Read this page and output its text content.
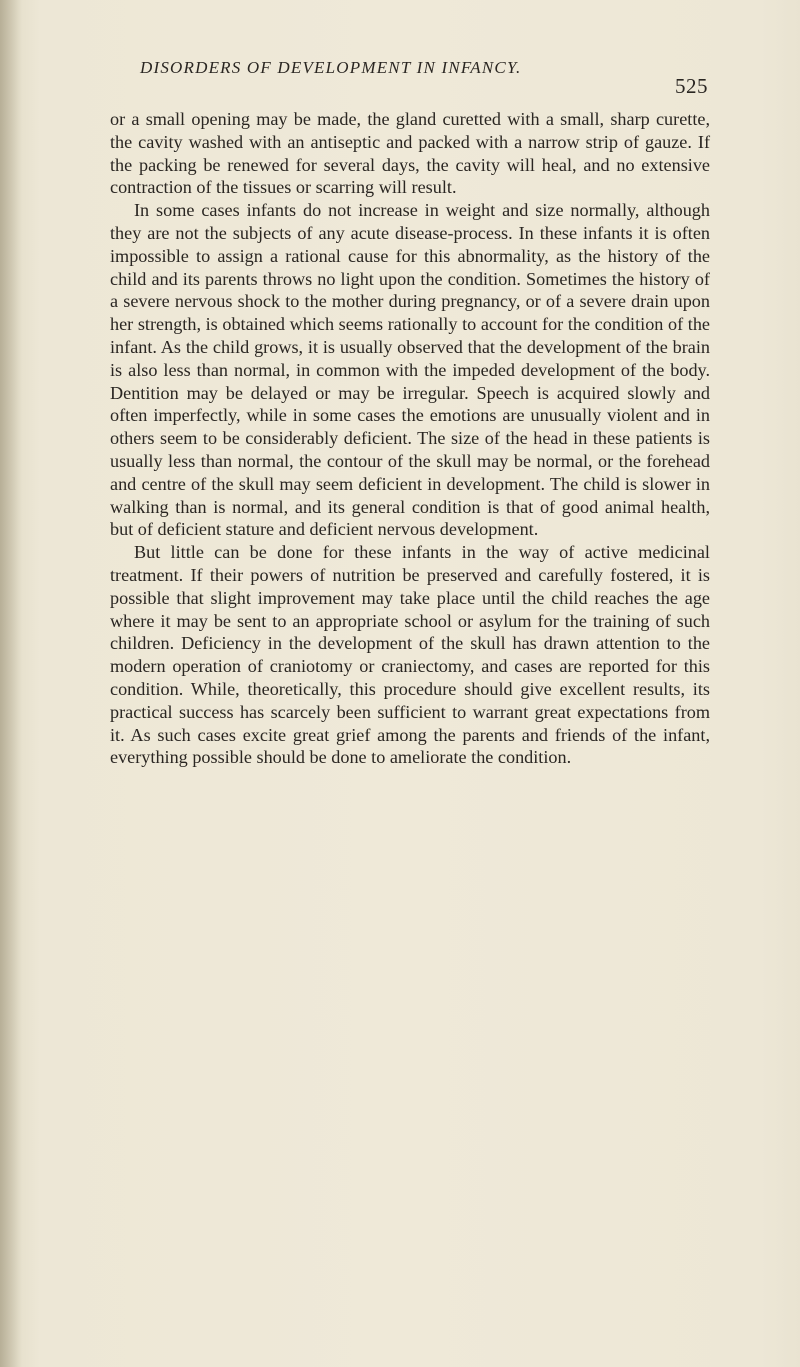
DISORDERS OF DEVELOPMENT IN INFANCY.
525

or a small opening may be made, the gland curetted with a small, sharp curette, the cavity washed with an antiseptic and packed with a narrow strip of gauze. If the packing be renewed for several days, the cavity will heal, and no extensive contraction of the tissues or scarring will result.

In some cases infants do not increase in weight and size normally, although they are not the subjects of any acute disease-process. In these infants it is often impossible to assign a rational cause for this abnormality, as the history of the child and its parents throws no light upon the condition. Sometimes the history of a severe nervous shock to the mother during pregnancy, or of a severe drain upon her strength, is obtained which seems rationally to account for the condition of the infant. As the child grows, it is usually observed that the development of the brain is also less than normal, in common with the impeded development of the body. Dentition may be delayed or may be irregular. Speech is acquired slowly and often imperfectly, while in some cases the emotions are unusually violent and in others seem to be considerably deficient. The size of the head in these patients is usually less than normal, the contour of the skull may be normal, or the forehead and centre of the skull may seem deficient in development. The child is slower in walking than is normal, and its general condition is that of good animal health, but of deficient stature and deficient nervous development.

But little can be done for these infants in the way of active medicinal treatment. If their powers of nutrition be preserved and carefully fostered, it is possible that slight improvement may take place until the child reaches the age where it may be sent to an appropriate school or asylum for the training of such children. Deficiency in the development of the skull has drawn attention to the modern operation of craniotomy or craniectomy, and cases are reported for this condition. While, theoretically, this procedure should give excellent results, its practical success has scarcely been sufficient to warrant great expectations from it. As such cases excite great grief among the parents and friends of the infant, everything possible should be done to ameliorate the condition.
